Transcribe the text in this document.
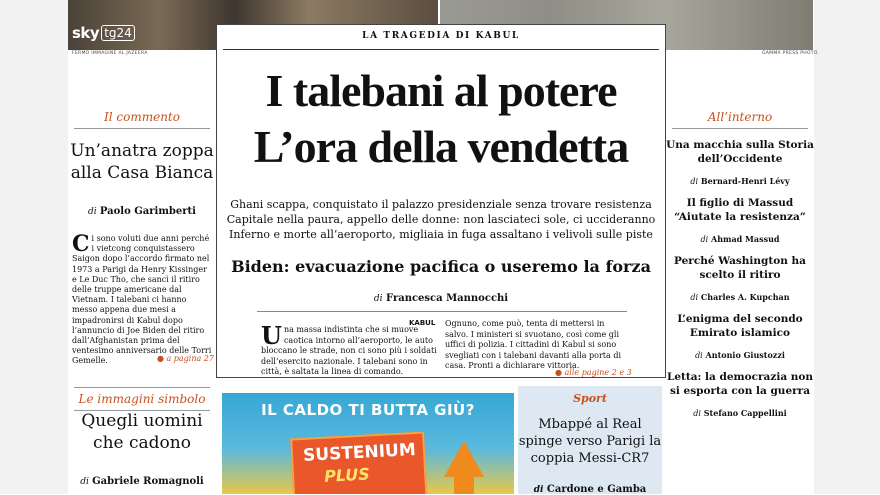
FERMO IMMAGINE AL JAZEERA	GAMMA PRESS PHOTO
sky tg24

Il commento

Un’anatra zoppa alla Casa Bianca
di Paolo Garimberti

Ci sono voluti due anni perché i vietcong conquistassero Saigon dopo l’accordo firmato nel 1973 a Parigi da Henry Kissinger e Le Duc Tho, che sancì il ritiro delle truppe americane dal Vietnam. I talebani ci hanno messo appena due mesi a impadronirsi di Kabul dopo l’annuncio di Joe Biden del ritiro dall’Afghanistan prima del ventesimo anniversario delle Torri Gemelle.	● a pagina 27

Le immagini simbolo

Quegli uomini che cadono
di Gabriele Romagnoli
LA TRAGEDIA DI KABUL
I talebani al potere
L’ora della vendetta

Ghani scappa, conquistato il palazzo presidenziale senza trovare resistenza
Capitale nella paura, appello delle donne: non lasciateci sole, ci uccideranno
Inferno e morte all’aeroporto, migliaia in fuga assaltano i velivoli sulle piste

Biden: evacuazione pacifica o useremo la forza
di Francesca Mannocchi

Una massa indistinta che si muove caotica intorno all’aeroporto, le auto bloccano le strade, non ci sono più i soldati dell’esercito nazionale. I talebani sono in città, è saltata la linea di comando.

KABUL Ognuno, come può, tenta di mettersi in salvo. I ministeri si svuotano, così come gli uffici di polizia. I cittadini di Kabul si sono svegliati con i talebani davanti alla porta di casa. Pronti a dichiarare vittoria.

● alle pagine 2 e 3
IL CALDO TI BUTTA GIÙ?
SUSTENIUM
PLUS
Sport
Mbappé al Real spinge verso Parigi la coppia Messi-CR7
di Cardone e Gamba

All’interno

Una macchia sulla Storia dell’Occidente
di Bernard-Henri Lévy
Il figlio di Massud “Aiutate la resistenza”
di Ahmad Massud
Perché Washington ha scelto il ritiro
di Charles A. Kupchan
L’enigma del secondo Emirato islamico
di Antonio Giustozzi
Letta: la democrazia non si esporta con la guerra
di Stefano Cappellini
